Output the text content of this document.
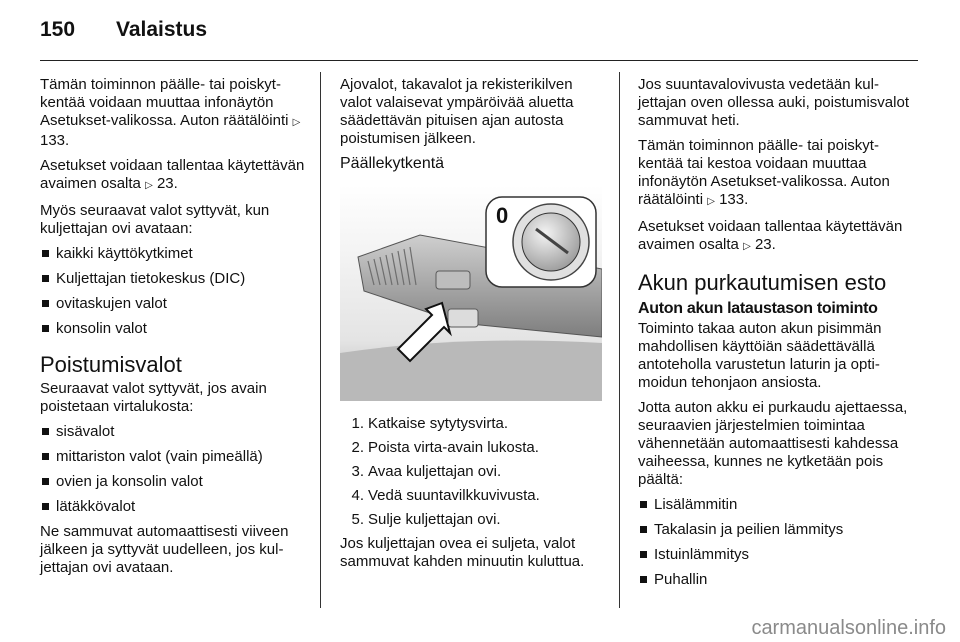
150 Valaistus

Tämän toiminnon päälle- tai poiskytkentää voidaan muuttaa infonäytön Asetukset-valikossa. Auton räätälöinti ▷ 133.

Asetukset voidaan tallentaa käytettävän avaimen osalta ▷ 23.

Myös seuraavat valot syttyvät, kun kuljettajan ovi avataan:

kaikki käyttökytkimet
Kuljettajan tietokeskus (DIC)
ovitaskujen valot
konsolin valot
Poistumisvalot

Seuraavat valot syttyvät, jos avain poistetaan virtalukosta:

sisävalot
mittariston valot (vain pimeällä)
ovien ja konsolin valot
lätäkkövalot

Ne sammuvat automaattisesti viiveen jälkeen ja syttyvät uudelleen, jos kuljettajan ovi avataan.

Ajovalot, takavalot ja rekisterikilven valot valaisevat ympäröivää aluetta säädettävän pituisen ajan autosta poistumisen jälkeen.

Päällekytkentä
0
1. Katkaise sytytysvirta.
2. Poista virta-avain lukosta.
3. Avaa kuljettajan ovi.
4. Vedä suuntavilkkuvivusta.
5. Sulje kuljettajan ovi.

Jos kuljettajan ovea ei suljeta, valot sammuvat kahden minuutin kuluttua.

Jos suuntavalovivusta vedetään kuljettajan oven ollessa auki, poistumisvalot sammuvat heti.

Tämän toiminnon päälle- tai poiskytkentää tai kestoa voidaan muuttaa infonäytön Asetukset-valikossa. Auton räätälöinti ▷ 133.

Asetukset voidaan tallentaa käytettävän avaimen osalta ▷ 23.

Akun purkautumisen esto
Auton akun lataustason toiminto

Toiminto takaa auton akun pisimmän mahdollisen käyttöiän säädettävällä antoteholla varustetun laturin ja optimoidun tehonjaon ansiosta.

Jotta auton akku ei purkaudu ajettaessa, seuraavien järjestelmien toimintaa vähennetään automaattisesti kahdessa vaiheessa, kunnes ne kytketään pois päältä:

Lisälämmitin
Takalasin ja peilien lämmitys
Istuinlämmitys
Puhallin
carmanualsonline.info
